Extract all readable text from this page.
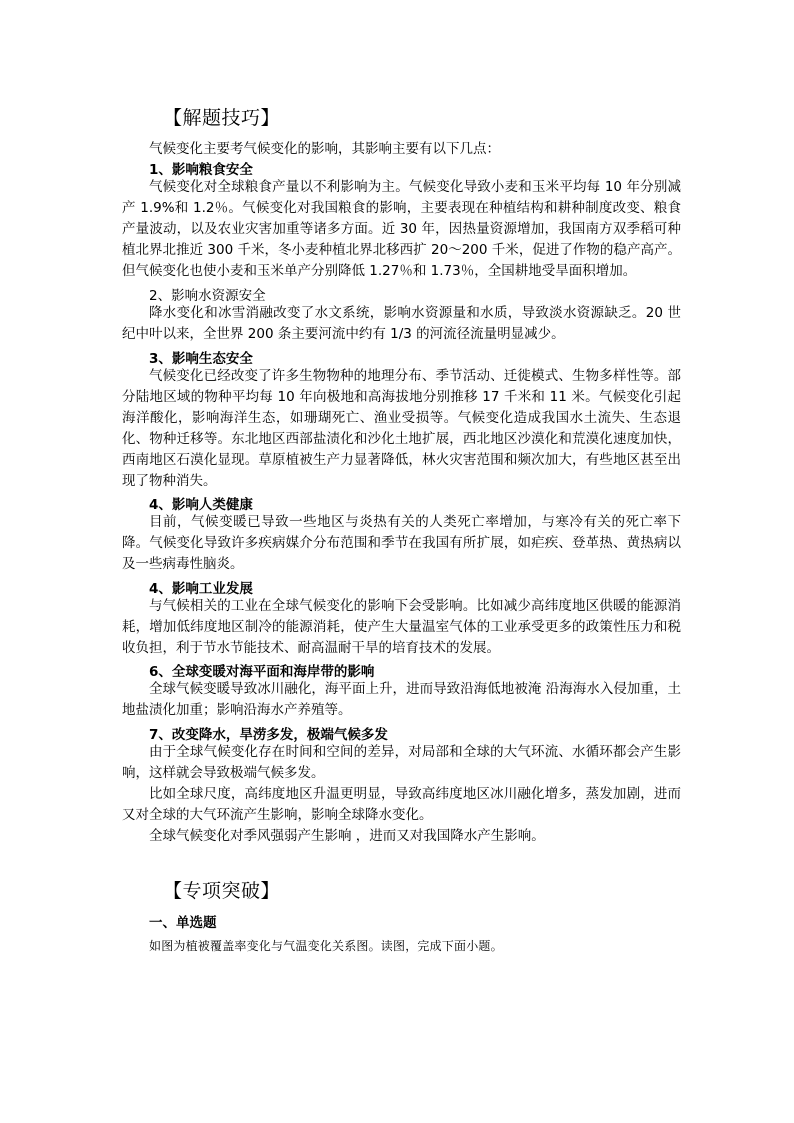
【解题技巧】
气候变化主要考气候变化的影响，其影响主要有以下几点：
1、影响粮食安全
气候变化对全球粮食产量以不利影响为主。气候变化导致小麦和玉米平均每 10 年分别减产 1.9%和 1.2％。气候变化对我国粮食的影响，主要表现在种植结构和耕种制度改变、粮食产量波动，以及农业灾害加重等诸多方面。近 30 年，因热量资源增加，我国南方双季稻可种植北界北推近 300 千米，冬小麦种植北界北移西扩 20～200 千米，促进了作物的稳产高产。但气候变化也使小麦和玉米单产分别降低 1.27％和 1.73％，全国耕地受旱面积增加。
2、影响水资源安全
降水变化和冰雪消融改变了水文系统，影响水资源量和水质，导致淡水资源缺乏。20 世纪中叶以来，全世界 200 条主要河流中约有 1/3 的河流径流量明显减少。
3、影响生态安全
气候变化已经改变了许多生物物种的地理分布、季节活动、迁徙模式、生物多样性等。部分陆地区域的物种平均每 10 年向极地和高海拔地分别推移 17 千米和 11 米。气候变化引起海洋酸化，影响海洋生态，如珊瑚死亡、渔业受损等。气候变化造成我国水土流失、生态退化、物种迁移等。东北地区西部盐渍化和沙化土地扩展，西北地区沙漠化和荒漠化速度加快，西南地区石漠化显现。草原植被生产力显著降低，林火灾害范围和频次加大，有些地区甚至出现了物种消失。
4、影响人类健康
目前，气候变暖已导致一些地区与炎热有关的人类死亡率增加，与寒冷有关的死亡率下降。气候变化导致许多疾病媒介分布范围和季节在我国有所扩展，如疟疾、登革热、黄热病以及一些病毒性脑炎。
4、影响工业发展
与气候相关的工业在全球气候变化的影响下会受影响。比如减少高纬度地区供暖的能源消耗，增加低纬度地区制冷的能源消耗，使产生大量温室气体的工业承受更多的政策性压力和税收负担，利于节水节能技术、耐高温耐干旱的培育技术的发展。
6、全球变暖对海平面和海岸带的影响
全球气候变暖导致冰川融化，海平面上升，进而导致沿海低地被淹 沿海海水入侵加重，土地盐渍化加重；影响沿海水产养殖等。
7、改变降水，旱涝多发，极端气候多发
由于全球气候变化存在时间和空间的差异，对局部和全球的大气环流、水循环都会产生影响，这样就会导致极端气候多发。
比如全球尺度，高纬度地区升温更明显，导致高纬度地区冰川融化增多，蒸发加剧，进而又对全球的大气环流产生影响，影响全球降水变化。
全球气候变化对季风强弱产生影响 ，进而又对我国降水产生影响。
【专项突破】
一、单选题
如图为植被覆盖率变化与气温变化关系图。读图，完成下面小题。
